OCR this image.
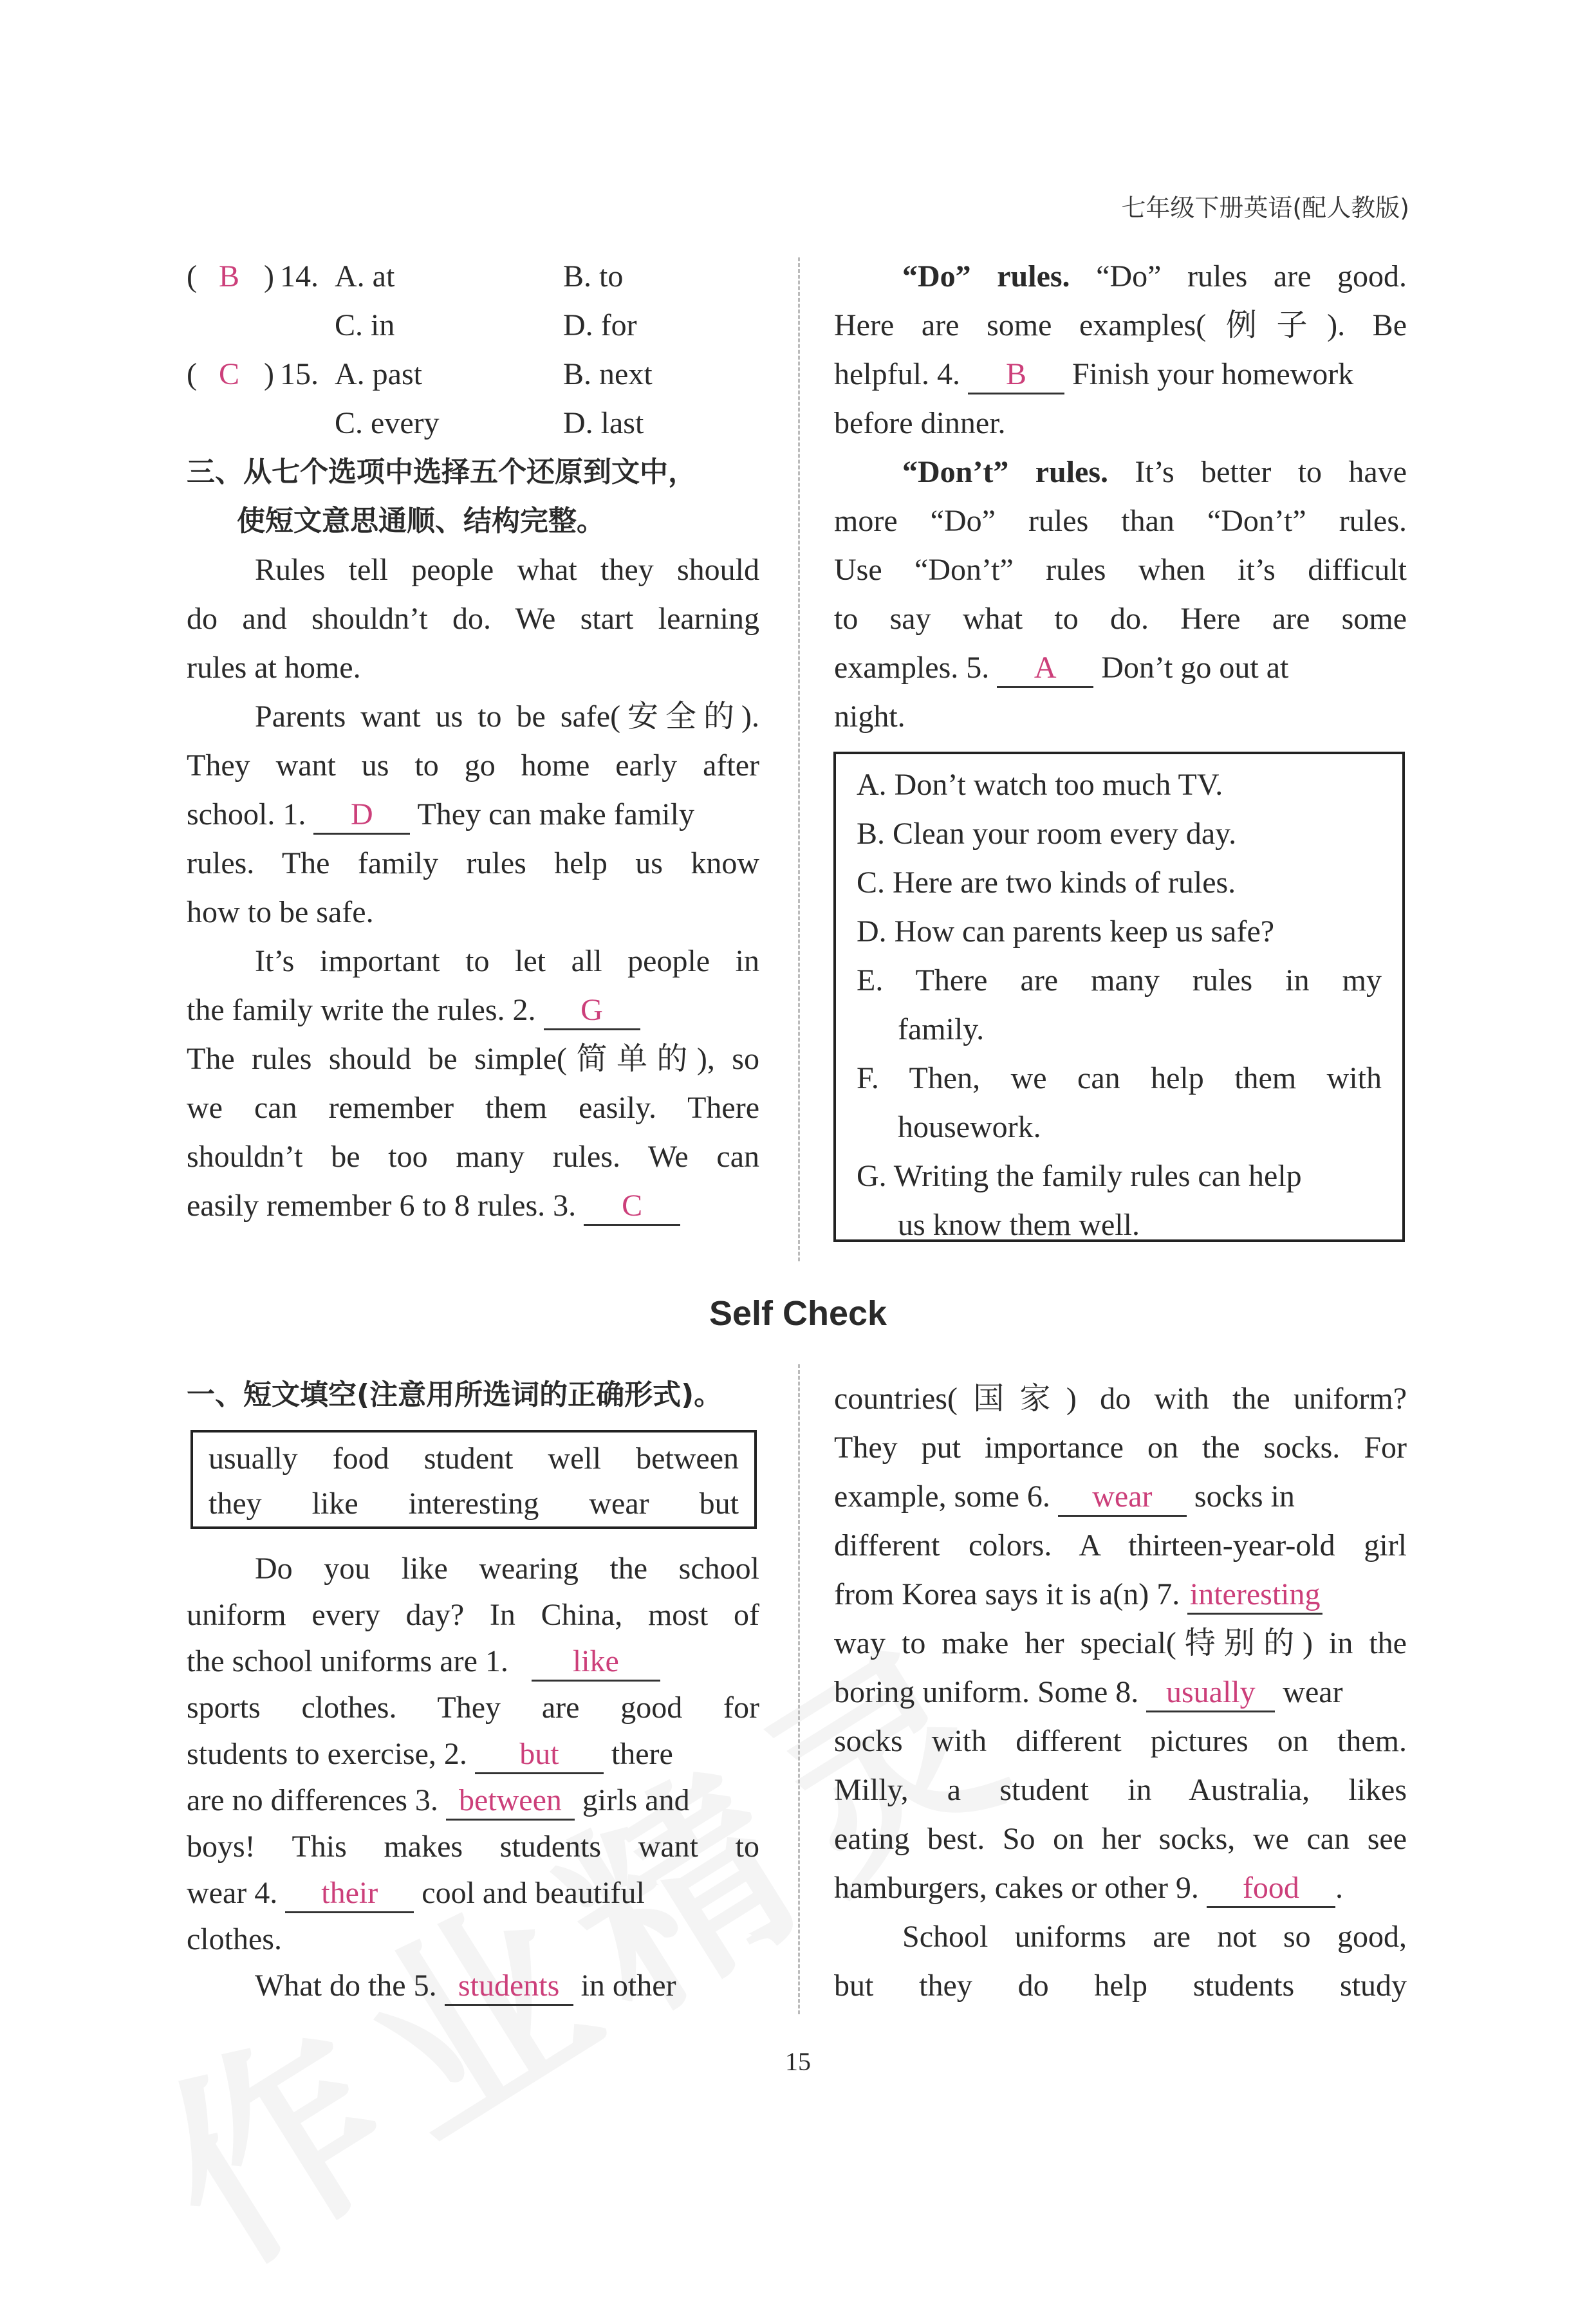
七年级下册英语(配人教版)
( B ) 14. A. at	B. to
C. in	D. for
( C ) 15. A. past	B. next
C. every	D. last
三、从七个选项中选择五个还原到文中，
使短文意思通顺、结构完整。
Rules tell people what they should
do and shouldn’t do. We start learning
rules at home.
Parents want us to be safe(安全的).
They want us to go home early after
school. 1. D They can make family
rules. The family rules help us know
how to be safe.
It’s important to let all people in
the family write the rules. 2. G
The rules should be simple(简单的), so
we can remember them easily. There
shouldn’t be too many rules. We can
easily remember 6 to 8 rules. 3. C
“Do” rules. “Do” rules are good.
Here are some examples(例子). Be
helpful. 4. B Finish your homework
before dinner.
“Don’t” rules. It’s better to have
more “Do” rules than “Don’t” rules.
Use “Don’t” rules when it’s difficult
to say what to do. Here are some
examples. 5. A Don’t go out at
night.
A. Don’t watch too much TV.
B. Clean your room every day.
C. Here are two kinds of rules.
D. How can parents keep us safe?
E. There are many rules in my
family.
F. Then, we can help them with
housework.
G. Writing the family rules can help
us know them well.
Self Check
一、短文填空(注意用所选词的正确形式)。
usually food student well between
they like interesting wear but
Do you like wearing the school
uniform every day? In China, most of
the school uniforms are 1. like
sports clothes. They are good for
students to exercise, 2. but there
are no differences 3. between girls and
boys! This makes students want to
wear 4. their cool and beautiful
clothes.
What do the 5. students in other
countries(国家) do with the uniform?
They put importance on the socks. For
example, some 6. wear socks in
different colors. A thirteen-year-old girl
from Korea says it is a(n) 7. interesting
way to make her special(特别的) in the
boring uniform. Some 8. usually wear
socks with different pictures on them.
Milly, a student in Australia, likes
eating best. So on her socks, we can see
hamburgers, cakes or other 9. food .
School uniforms are not so good,
but they do help students study
15
